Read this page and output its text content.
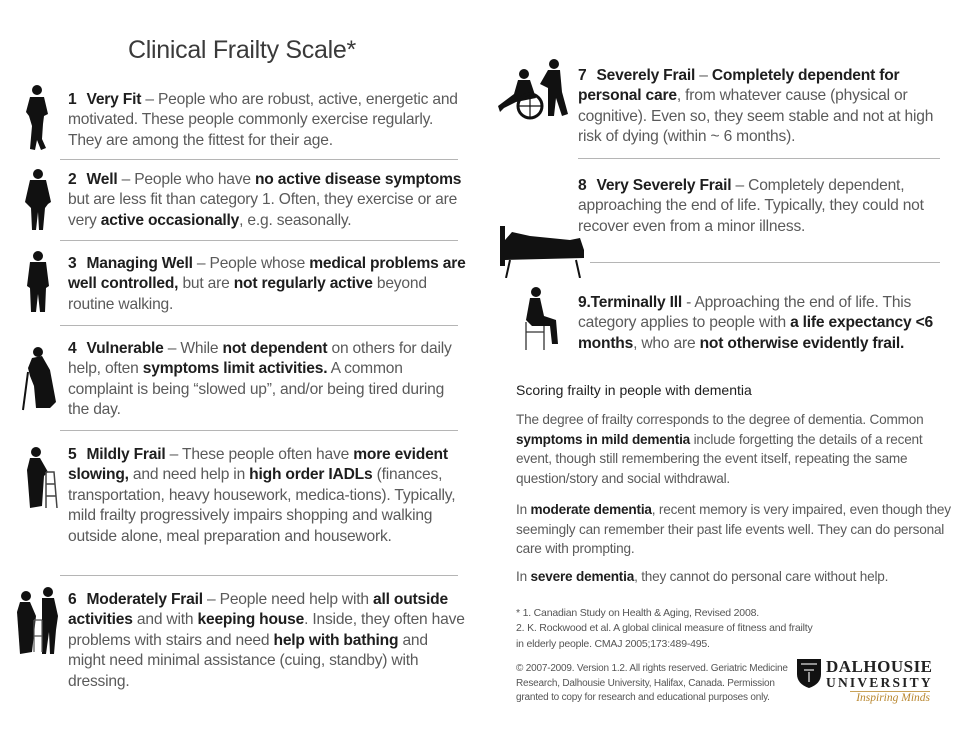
Clinical Frailty Scale*
1 Very Fit – People who are robust, active, energetic and motivated. These people commonly exercise regularly. They are among the fittest for their age.
2 Well – People who have no active disease symptoms but are less fit than category 1. Often, they exercise or are very active occasionally, e.g. seasonally.
3 Managing Well – People whose medical problems are well controlled, but are not regularly active beyond routine walking.
4 Vulnerable – While not dependent on others for daily help, often symptoms limit activities. A common complaint is being “slowed up”, and/or being tired during the day.
5 Mildly Frail – These people often have more evident slowing, and need help in high order IADLs (finances, transportation, heavy housework, medica-tions). Typically, mild frailty progressively impairs shopping and walking outside alone, meal preparation and housework.
6 Moderately Frail – People need help with all outside activities and with keeping house. Inside, they often have problems with stairs and need help with bathing and might need minimal assistance (cuing, standby) with dressing.
7 Severely Frail – Completely dependent for personal care, from whatever cause (physical or cognitive). Even so, they seem stable and not at high risk of dying (within ~ 6 months).
8 Very Severely Frail – Completely dependent, approaching the end of life. Typically, they could not recover even from a minor illness.
9.Terminally Ill - Approaching the end of life. This category applies to people with a life expectancy <6 months, who are not otherwise evidently frail.
Scoring frailty in people with dementia
The degree of frailty corresponds to the degree of dementia. Common symptoms in mild dementia include forgetting the details of a recent event, though still remembering the event itself, repeating the same question/story and social withdrawal.
In moderate dementia, recent memory is very impaired, even though they seemingly can remember their past life events well. They can do personal care with prompting.
In severe dementia, they cannot do personal care without help.
* 1. Canadian Study on Health & Aging, Revised 2008.
2. K. Rockwood et al. A global clinical measure of fitness and frailty in elderly people. CMAJ 2005;173:489-495.
© 2007-2009. Version 1.2. All rights reserved. Geriatric Medicine Research, Dalhousie University, Halifax, Canada. Permission granted to copy for research and educational purposes only.
DALHOUSIE
UNIVERSITY
Inspiring Minds
